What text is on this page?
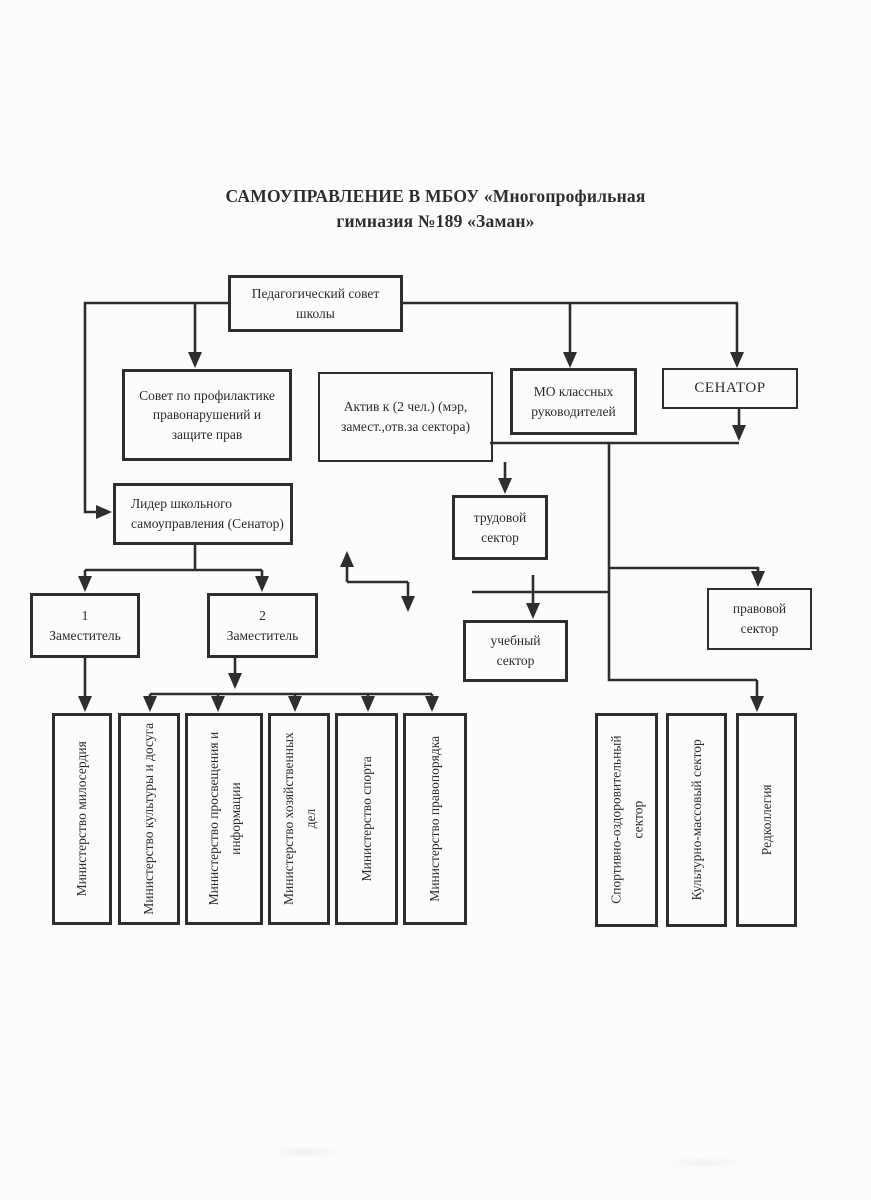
САМОУПРАВЛЕНИЕ В МБОУ «Многопрофильная гимназия №189 «Заман»
Педагогический совет школы
Совет по профилактике правонарушений и защите прав
Актив к (2 чел.) (мэр, замест.,отв.за сектора)
МО классных руководителей
СЕНАТОР
Лидер школьного самоуправления (Сенатор)	трудовой сектор
правовой сектор
учебный сектор
1
Заместитель
2
Заместитель
Министерство милосердия	Министерство культуры и досуга	Министерство просвещения и информации	Министерство хозяйственных дел	Министерство спорта	Министерство правопорядка	Спортивно-оздоровительный сектор	Культурно-массовый сектор	Редколлегия
